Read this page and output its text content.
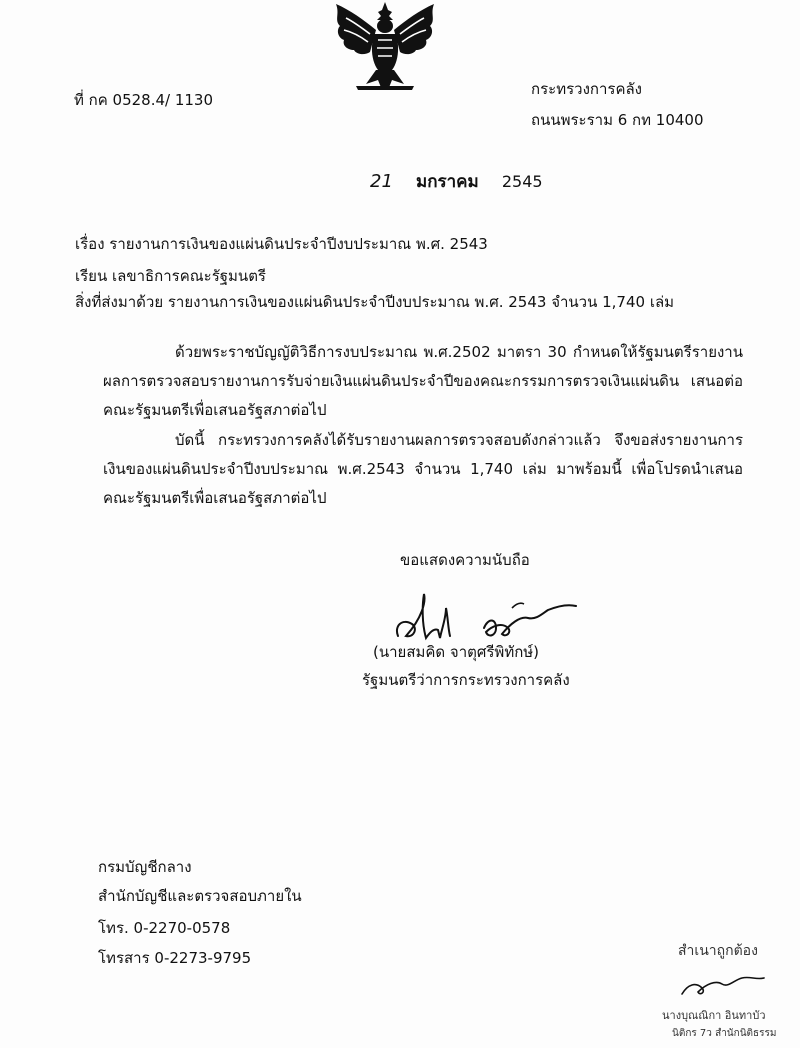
ที่ กค 0528.4/ 1130
กระทรวงการคลัง
ถนนพระราม 6 กท 10400
21 มกราคม 2545
เรื่อง รายงานการเงินของแผ่นดินประจำปีงบประมาณ พ.ศ. 2543
เรียน เลขาธิการคณะรัฐมนตรี
สิ่งที่ส่งมาด้วย รายงานการเงินของแผ่นดินประจำปีงบประมาณ พ.ศ. 2543 จำนวน 1,740 เล่ม
ด้วยพระราชบัญญัติวิธีการงบประมาณ พ.ศ.2502 มาตรา 30 กำหนดให้รัฐมนตรีรายงานผลการตรวจสอบรายงานการรับจ่ายเงินแผ่นดินประจำปีของคณะกรรมการตรวจเงินแผ่นดิน เสนอต่อคณะรัฐมนตรีเพื่อเสนอรัฐสภาต่อไป
บัดนี้ กระทรวงการคลังได้รับรายงานผลการตรวจสอบดังกล่าวแล้ว จึงขอส่งรายงานการเงินของแผ่นดินประจำปีงบประมาณ พ.ศ.2543 จำนวน 1,740 เล่ม มาพร้อมนี้ เพื่อโปรดนำเสนอคณะรัฐมนตรีเพื่อเสนอรัฐสภาต่อไป
ขอแสดงความนับถือ
(นายสมคิด จาตุศรีพิทักษ์)
รัฐมนตรีว่าการกระทรวงการคลัง
กรมบัญชีกลาง
สำนักบัญชีและตรวจสอบภายใน
โทร. 0-2270-0578
โทรสาร 0-2273-9795	สำเนาถูกต้อง
นางบุณณิกา อินทาบัว
นิติกร 7ว สำนักนิติธรรม
